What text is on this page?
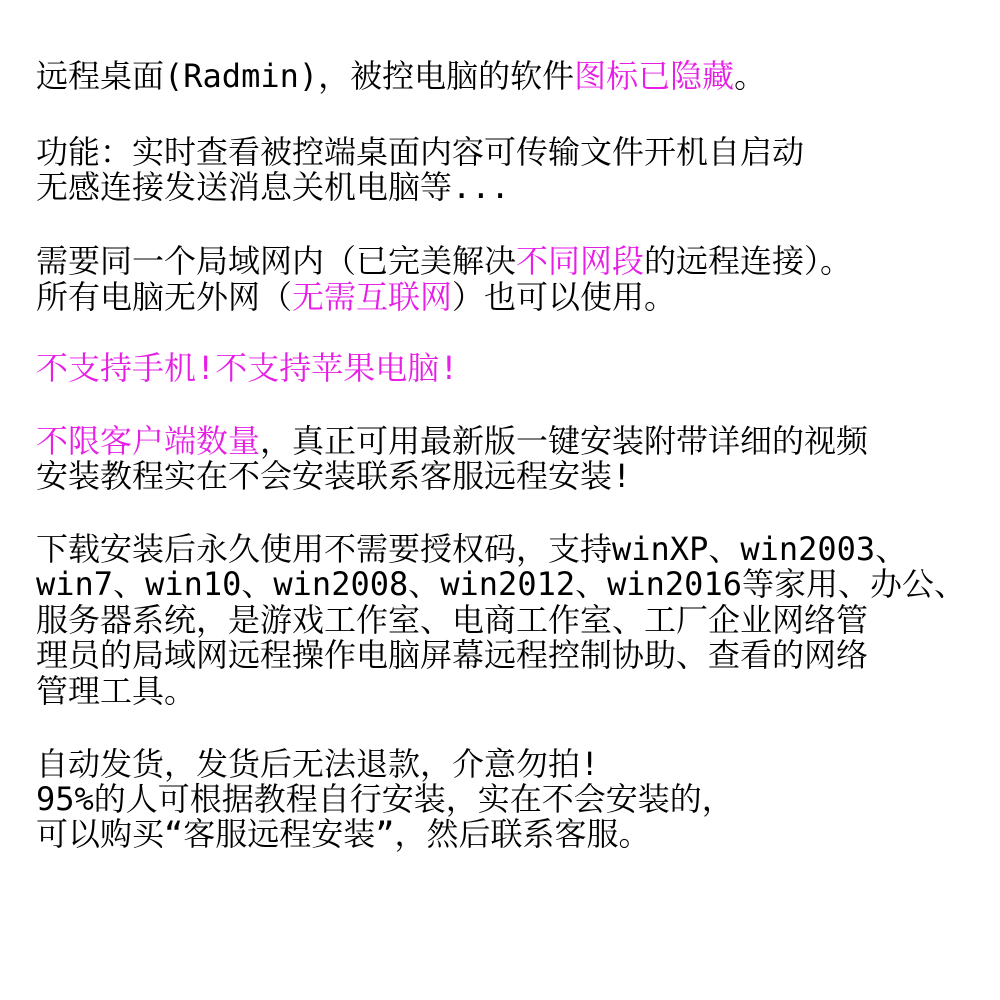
远程桌面(Radmin)，被控电脑的软件图标已隐藏。
功能：实时查看被控端桌面内容可传输文件开机自启动
无感连接发送消息关机电脑等...
需要同一个局域网内（已完美解决不同网段的远程连接）。
所有电脑无外网（无需互联网）也可以使用。
不支持手机!不支持苹果电脑!
不限客户端数量，真正可用最新版一键安装附带详细的视频
安装教程实在不会安装联系客服远程安装!
下载安装后永久使用不需要授权码，支持winXP、win2003、
win7、win10、win2008、win2012、win2016等家用、办公、
服务器系统，是游戏工作室、电商工作室、工厂企业网络管
理员的局域网远程操作电脑屏幕远程控制协助、查看的网络
管理工具。
自动发货，发货后无法退款，介意勿拍!
95%的人可根据教程自行安装，实在不会安装的，
可以购买“客服远程安装”，然后联系客服。
